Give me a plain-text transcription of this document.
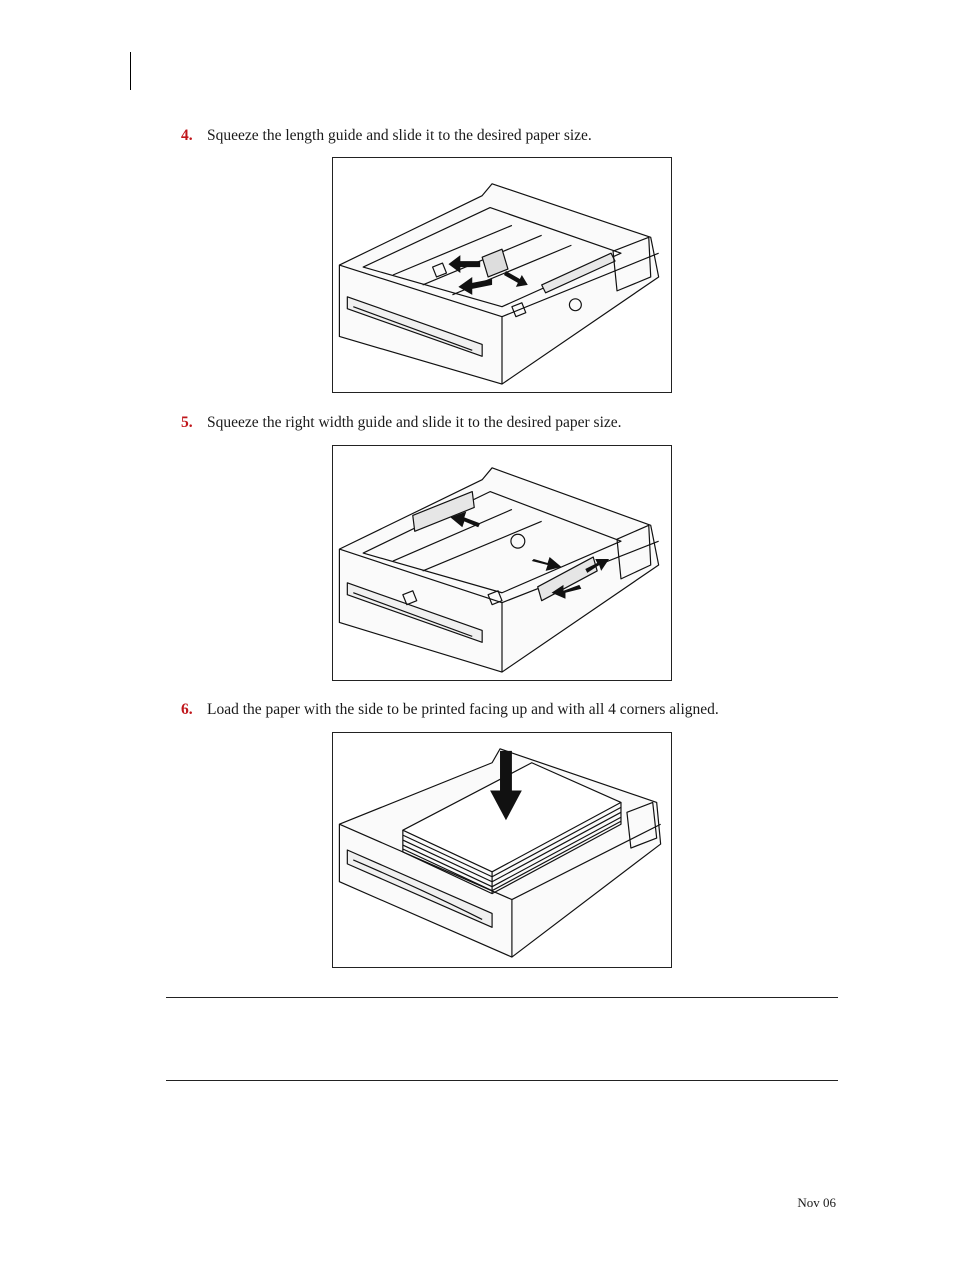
4. Squeeze the length guide and slide it to the desired paper size.
5. Squeeze the right width guide and slide it to the desired paper size.
6. Load the paper with the side to be printed facing up and with all 4 corners aligned.
Nov 06
